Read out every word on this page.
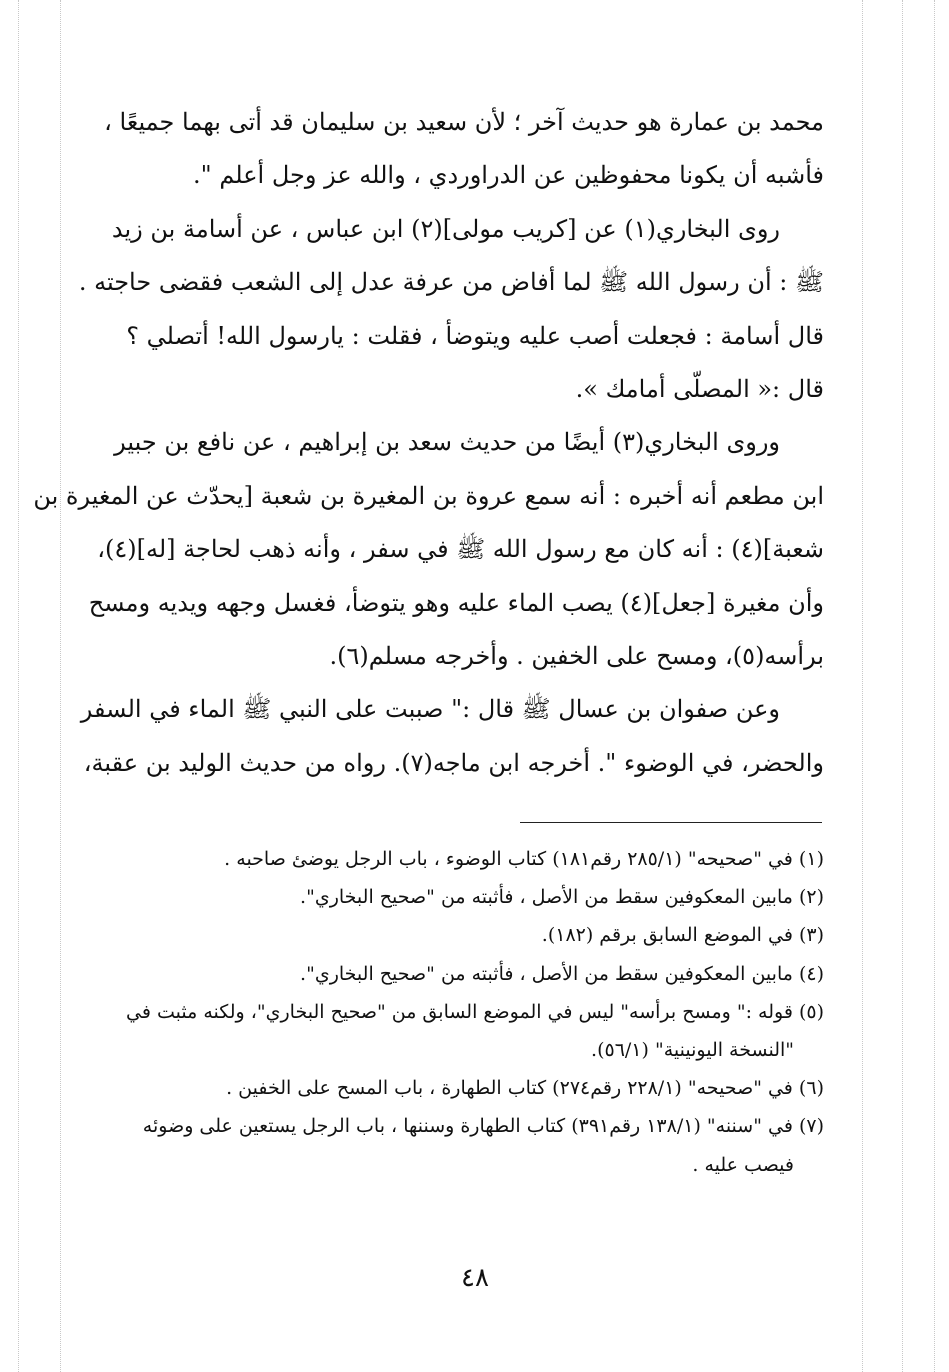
محمد بن عمارة هو حديث آخر ؛ لأن سعيد بن سليمان قد أتى بهما جميعًا ،
فأشبه أن يكونا محفوظين عن الدراوردي ، والله عز وجل أعلم ".

روى البخاري(١) عن [كريب مولى](٢) ابن عباس ، عن أسامة بن زيد
ﷺ : أن رسول الله ﷺ لما أفاض من عرفة عدل إلى الشعب فقضى حاجته .
قال أسامة : فجعلت أصب عليه ويتوضأ ، فقلت : يارسول الله! أتصلي ؟
قال :« المصلّى أمامك ».

وروى البخاري(٣) أيضًا من حديث سعد بن إبراهيم ، عن نافع بن جبير
ابن مطعم أنه أخبره : أنه سمع عروة بن المغيرة بن شعبة [يحدّث عن المغيرة بن
شعبة](٤) : أنه كان مع رسول الله ﷺ في سفر ، وأنه ذهب لحاجة [له](٤)،
وأن مغيرة [جعل](٤) يصب الماء عليه وهو يتوضأ، فغسل وجهه ويديه ومسح
برأسه(٥)، ومسح على الخفين . وأخرجه مسلم(٦).

وعن صفوان بن عسال ﷺ قال :" صببت على النبي ﷺ الماء في السفر
والحضر، في الوضوء ". أخرجه ابن ماجه(٧). رواه من حديث الوليد بن عقبة،

(١) في "صحيحه" (٢٨٥/١ رقم١٨١) كتاب الوضوء ، باب الرجل يوضئ صاحبه .

(٢) مابين المعكوفين سقط من الأصل ، فأثبته من "صحيح البخاري".

(٣) في الموضع السابق برقم (١٨٢).

(٤) مابين المعكوفين سقط من الأصل ، فأثبته من "صحيح البخاري".

(٥) قوله :" ومسح برأسه" ليس في الموضع السابق من "صحيح البخاري"، ولكنه مثبت في

"النسخة اليونينية" (٥٦/١).

(٦) في "صحيحه" (٢٢٨/١ رقم٢٧٤) كتاب الطهارة ، باب المسح على الخفين .

(٧) في "سننه" (١٣٨/١ رقم٣٩١) كتاب الطهارة وسننها ، باب الرجل يستعين على وضوئه

فيصب عليه .

٤٨
